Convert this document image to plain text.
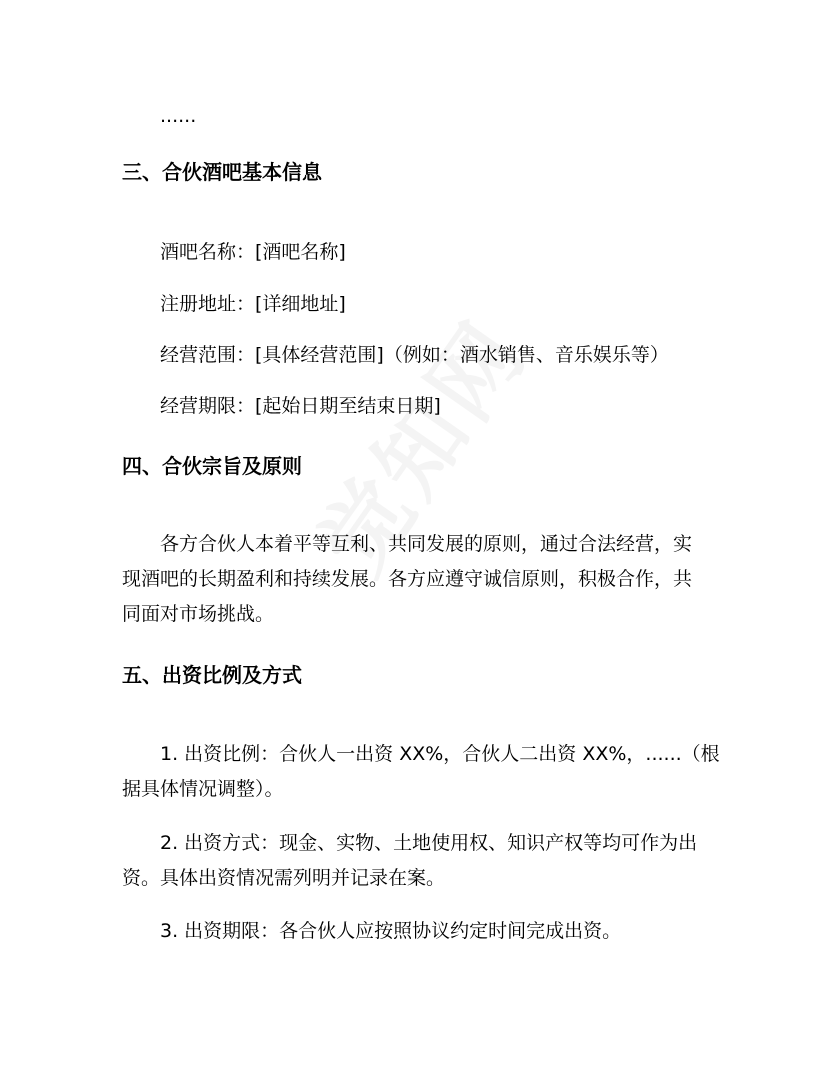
......
三、合伙酒吧基本信息
酒吧名称：[酒吧名称]
注册地址：[详细地址]
经营范围：[具体经营范围]（例如：酒水销售、音乐娱乐等）
经营期限：[起始日期至结束日期]
四、合伙宗旨及原则
各方合伙人本着平等互利、共同发展的原则，通过合法经营，实
现酒吧的长期盈利和持续发展。各方应遵守诚信原则，积极合作，共
同面对市场挑战。
五、出资比例及方式
1. 出资比例：合伙人一出资 XX%，合伙人二出资 XX%，......（根
据具体情况调整）。
2. 出资方式：现金、实物、土地使用权、知识产权等均可作为出
资。具体出资情况需列明并记录在案。
3. 出资期限：各合伙人应按照协议约定时间完成出资。
